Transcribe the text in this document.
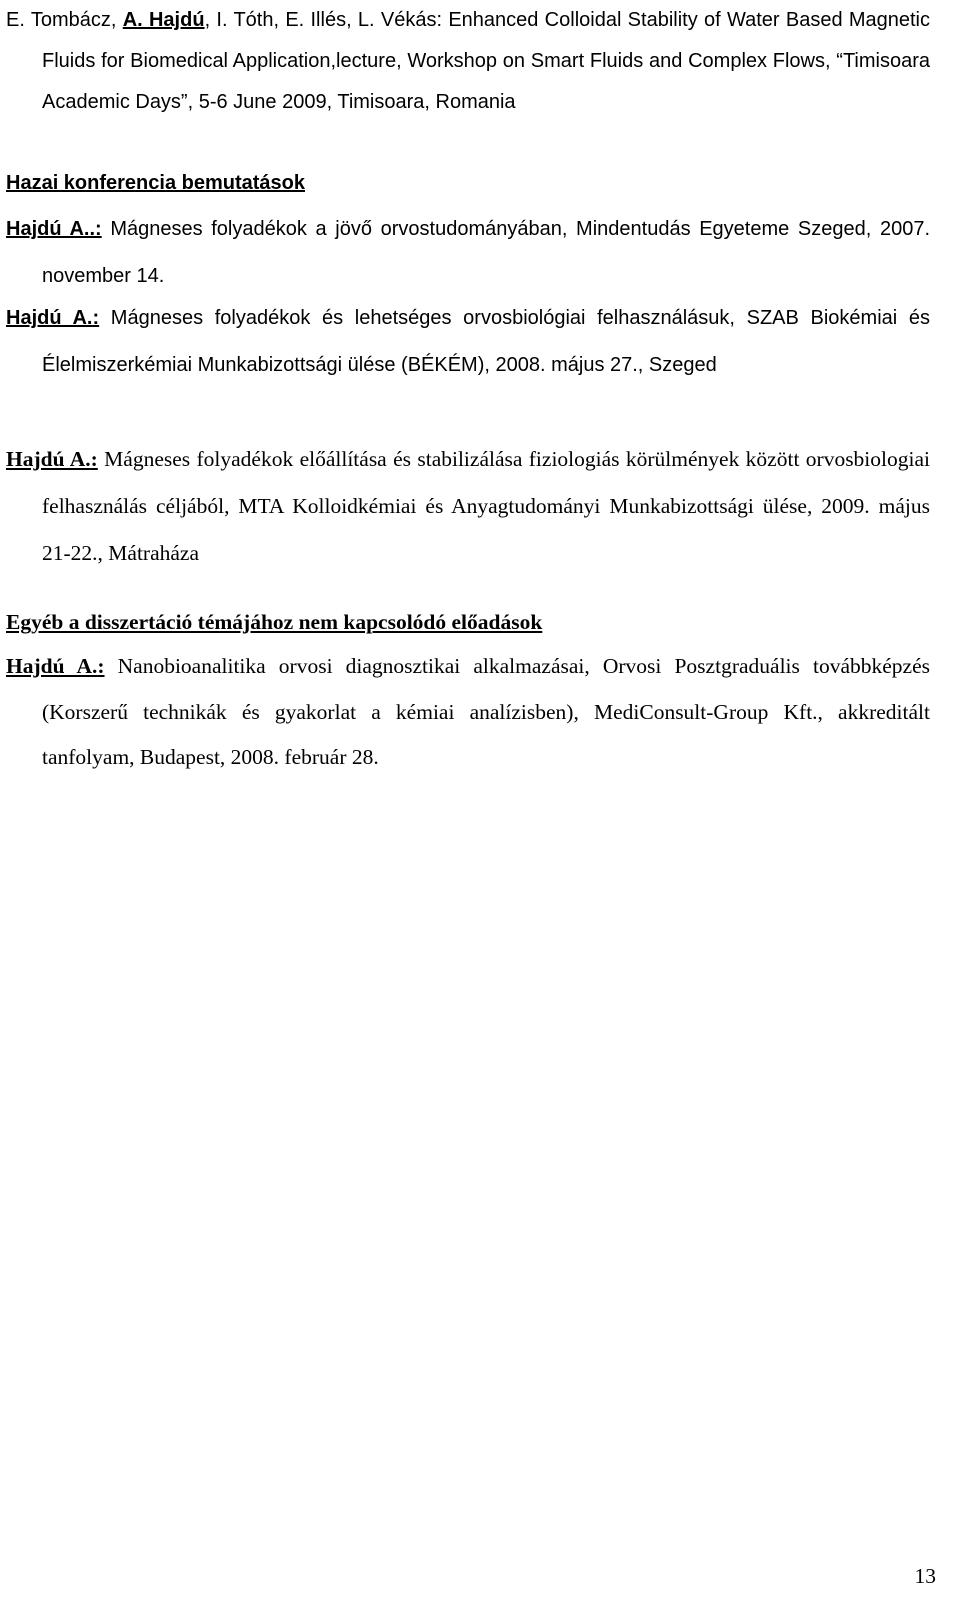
E. Tombácz, A. Hajdú, I. Tóth, E. Illés, L. Vékás: Enhanced Colloidal Stability of Water Based Magnetic Fluids for Biomedical Application,lecture, Workshop on Smart Fluids and Complex Flows, “Timisoara Academic Days”, 5-6 June 2009, Timisoara, Romania

Hazai konferencia bemutatások

Hajdú A..: Mágneses folyadékok a jövő orvostudományában, Mindentudás Egyeteme Szeged, 2007. november 14.

Hajdú A.: Mágneses folyadékok és lehetséges orvosbiológiai felhasználásuk, SZAB Biokémiai és Élelmiszerkémiai Munkabizottsági ülése (BÉKÉM), 2008. május 27., Szeged

Hajdú A.: Mágneses folyadékok előállítása és stabilizálása fiziologiás körülmények között orvosbiologiai felhasználás céljából, MTA Kolloidkémiai és Anyagtudományi Munkabizottsági ülése, 2009. május 21-22., Mátraháza

Egyéb a disszertáció témájához nem kapcsolódó előadások

Hajdú A.: Nanobioanalitika orvosi diagnosztikai alkalmazásai, Orvosi Posztgraduális továbbképzés (Korszerű technikák és gyakorlat a kémiai analízisben), MediConsult-Group Kft., akkreditált tanfolyam, Budapest, 2008. február 28.

13
